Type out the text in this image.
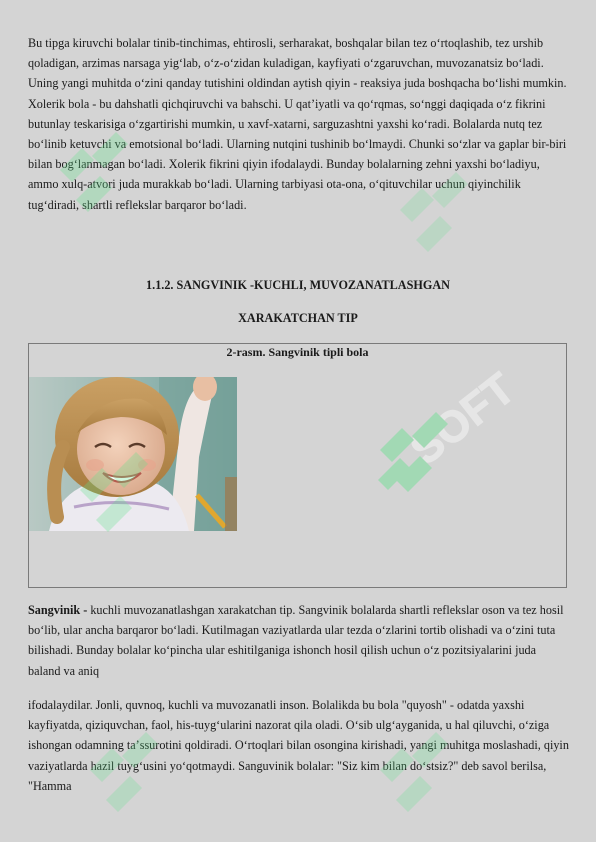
Bu tipga kiruvchi bolalar tinib-tinchimas, ehtirosli, serharakat, boshqalar bilan tez oʻrtoqlashib, tez urshib qoladigan, arzimas narsaga yigʻlab, oʻz-oʻzidan kuladigan, kayfiyati oʻzgaruvchan, muvozanatsiz boʻladi. Uning yangi muhitda oʻzini qanday tutishini oldindan aytish qiyin - reaksiya juda boshqacha boʻlishi mumkin. Xolerik bola - bu dahshatli qichqiruvchi va bahschi. U qatʼiyatli va qoʻrqmas, soʻnggi daqiqada oʻz fikrini butunlay teskarisiga oʻzgartirishi mumkin, u xavf-xatarni, sarguzashtni yaxshi koʻradi. Bolalarda nutq tez boʻlinib ketuvchi va emotsional boʻladi. Ularning nutqini tushinib boʻlmaydi. Chunki soʻzlar va gaplar bir-biri bilan bogʻlanmagan boʻladi. Xolerik fikrini qiyin ifodalaydi. Bunday bolalarning zehni yaxshi boʻladiyu, ammo xulq-atvori juda murakkab boʻladi. Ularning tarbiyasi ota-ona, oʻqituvchilar uchun qiyinchilik tugʻdiradi, shartli reflekslar barqaror boʻladi.

1.1.2. SANGVINIK -KUCHLI, MUVOZANATLASHGAN

XARAKATCHAN TIP

2-rasm. Sangvinik tipli bola

Sangvinik - kuchli muvozanatlashgan xarakatchan tip. Sangvinik bolalarda shartli reflekslar oson va tez hosil boʻlib, ular ancha barqaror boʻladi. Kutilmagan vaziyatlarda ular tezda oʻzlarini tortib olishadi va oʻzini tuta bilishadi. Bunday bolalar koʻpincha ular eshitilganiga ishonch hosil qilish uchun oʻz pozitsiyalarini juda baland va aniq

ifodalaydilar. Jonli, quvnoq, kuchli va muvozanatli inson. Bolalikda bu bola "quyosh" - odatda yaxshi kayfiyatda, qiziquvchan, faol, his-tuygʻularini nazorat qila oladi. Oʻsib ulgʻayganida, u hal qiluvchi, oʻziga ishongan odamning taʼssurotini qoldiradi. Oʻrtoqlari bilan osongina kirishadi, yangi muhitga moslashadi, qiyin vaziyatlarda hazil tuygʻusini yoʻqotmaydi. Sanguvinik bolalar: "Siz kim bilan doʻstsiz?" deb savol berilsa, "Hamma

SOFT
